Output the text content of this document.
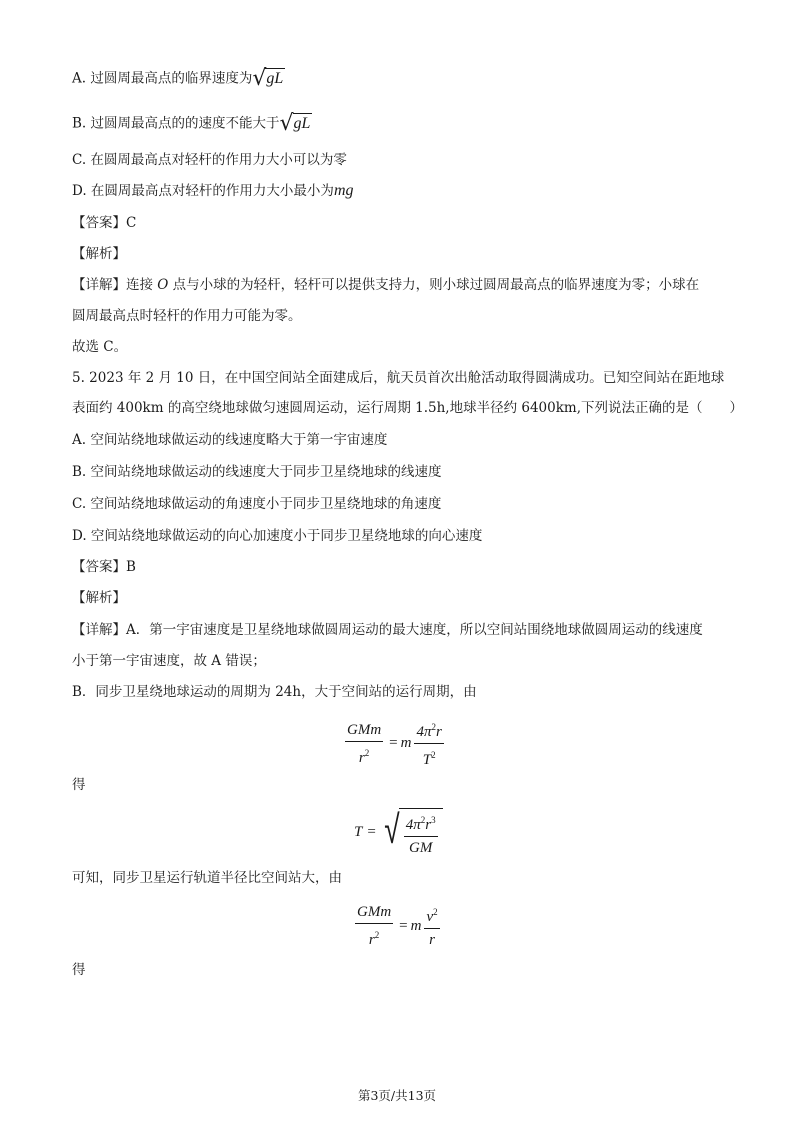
A. 过圆周最高点的临界速度为 √ gL
B. 过圆周最高点的的速度不能大于 √ gL
C. 在圆周最高点对轻杆的作用力大小可以为零
D. 在圆周最高点对轻杆的作用力大小最小为mg
【答案】C
【解析】
【详解】连接 O 点与小球的为轻杆，轻杆可以提供支持力，则小球过圆周最高点的临界速度为零；小球在
圆周最高点时轻杆的作用力可能为零。
故选 C。
5. 2023 年 2 月 10 日，在中国空间站全面建成后，航天员首次出舱活动取得圆满成功。已知空间站在距地球
表面约 400km 的高空绕地球做匀速圆周运动，运行周期 1.5h,地球半径约 6400km,下列说法正确的是（　　）
A. 空间站绕地球做运动的线速度略大于第一宇宙速度
B. 空间站绕地球做运动的线速度大于同步卫星绕地球的线速度
C. 空间站绕地球做运动的角速度小于同步卫星绕地球的角速度
D. 空间站绕地球做运动的向心加速度小于同步卫星绕地球的向心速度
【答案】B
【解析】
【详解】A．第一宇宙速度是卫星绕地球做圆周运动的最大速度，所以空间站围绕地球做圆周运动的线速度
小于第一宇宙速度，故 A 错误；
B．同步卫星绕地球运动的周期为 24h，大于空间站的运行周期，由
$\frac{\text{GMm}}{r^2} = m \frac{4\pi^2r}{T^2}$
得
T = √ $\frac{4\pi^2r^3}{GM}$
可知，同步卫星运行轨道半径比空间站大，由
$\frac{\text{GMm}}{r^2} = m \frac{v^2}{r}$
得
第3页/共13页
